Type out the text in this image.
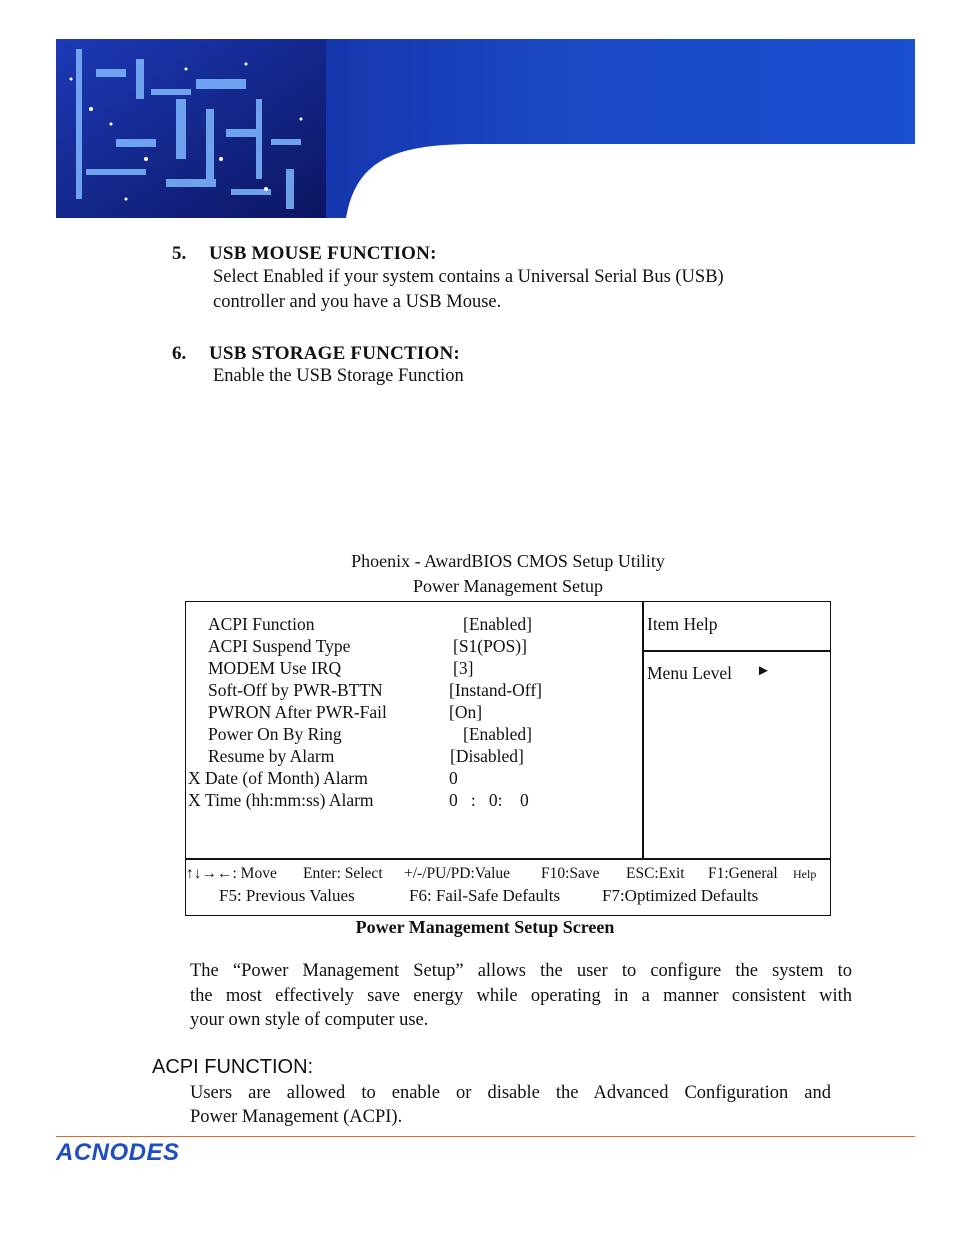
5. USB MOUSE FUNCTION:
Select Enabled if your system contains a Universal Serial Bus (USB)
controller and you have a USB Mouse.
6. USB STORAGE FUNCTION:
Enable the USB Storage Function
Phoenix - AwardBIOS CMOS Setup Utility
Power Management Setup
ACPI Function	[Enabled]
ACPI Suspend Type	[S1(POS)]
MODEM Use IRQ	[3]
Soft-Off by PWR-BTTN	[Instand-Off]
PWRON After PWR-Fail	[On]
Power On By Ring	[Enabled]
Resume by Alarm	[Disabled]
X Date (of Month) Alarm	0
X Time (hh:mm:ss) Alarm	0   :   0:    0
Item Help
Menu Level ►
↑↓→←: Move Enter: Select +/-/PU/PD:Value F10:Save ESC:Exit F1:General Help
F5: Previous Values	F6: Fail-Safe Defaults F7:Optimized Defaults
Power Management Setup Screen
The “Power Management Setup” allows the user to configure the system to
the most effectively save energy while operating in a manner consistent with
your own style of computer use.
ACPI FUNCTION:
Users are allowed to enable or disable the Advanced Configuration and
Power Management (ACPI).
ACNODES
